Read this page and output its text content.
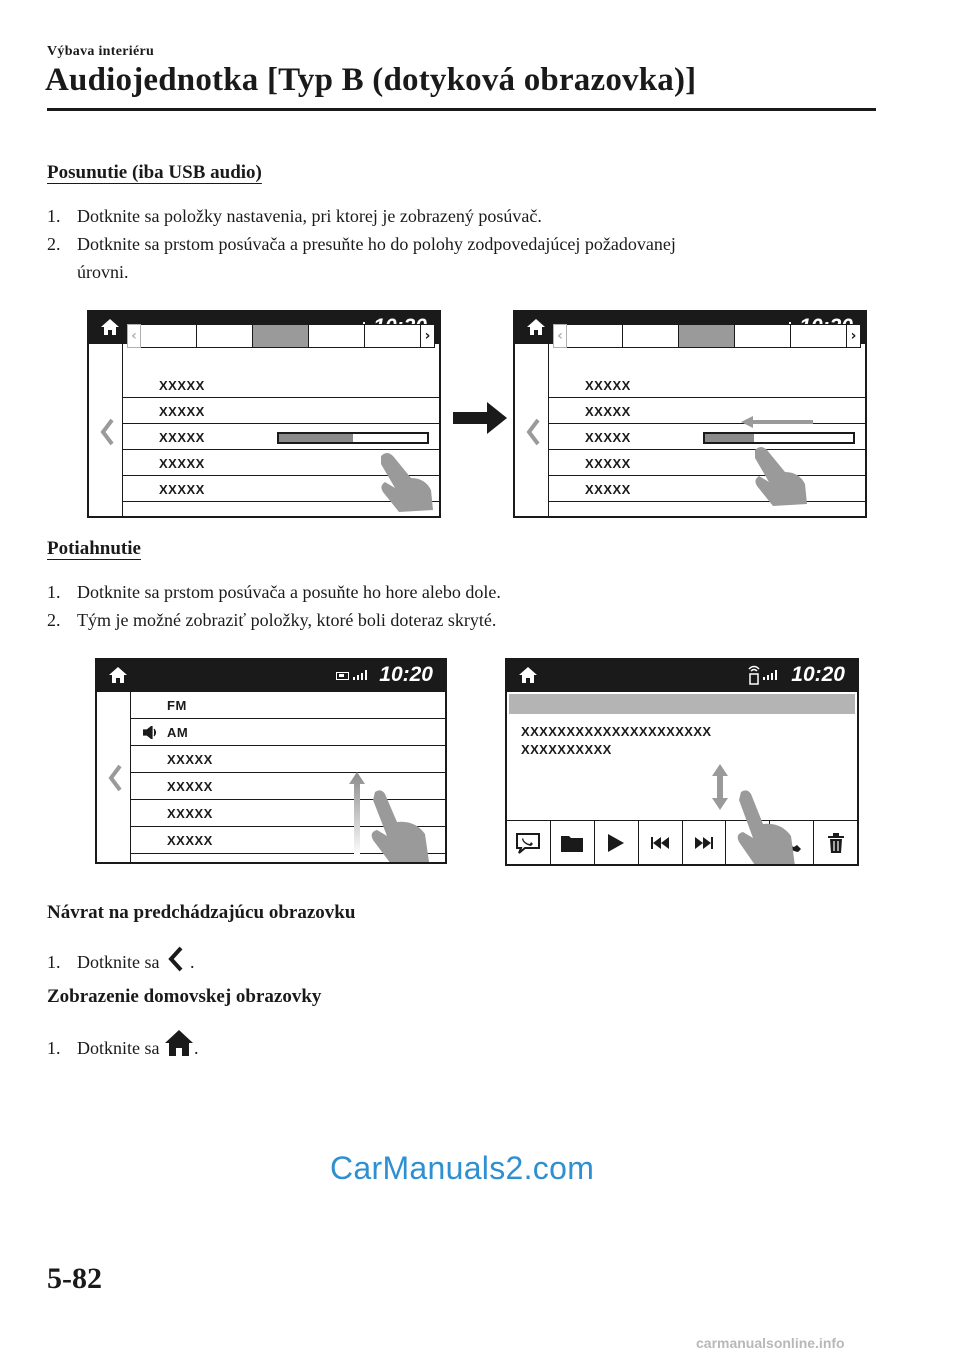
Výbava interiéru
Audiojednotka [Typ B (dotyková obrazovka)]
Posunutie (iba USB audio)
1. Dotknite sa položky nastavenia, pri ktorej je zobrazený posúvač.
2. Dotknite sa prstom posúvača a presuňte ho do polohy zodpovedajúcej požadovanej
úrovni.
‹	›
XXXXX
XXXXX
XXXXX
XXXXX
XXXXX
‹	›
XXXXX
XXXXX
XXXXX
XXXXX
XXXXX
Potiahnutie
1. Dotknite sa prstom posúvača a posuňte ho hore alebo dole.
2. Tým je možné zobraziť položky, ktoré boli doteraz skryté.
10:20
FM
AM
XXXXX
XXXXX
XXXXX
XXXXX
10:20
XXXXXXXXXXXXXXXXXXXXX
XXXXXXXXXX
Návrat na predchádzajúcu obrazovku
1. Dotknite sa .
Zobrazenie domovskej obrazovky
1. Dotknite sa .
CarManuals2.com
5-82
carmanualsonline.info
